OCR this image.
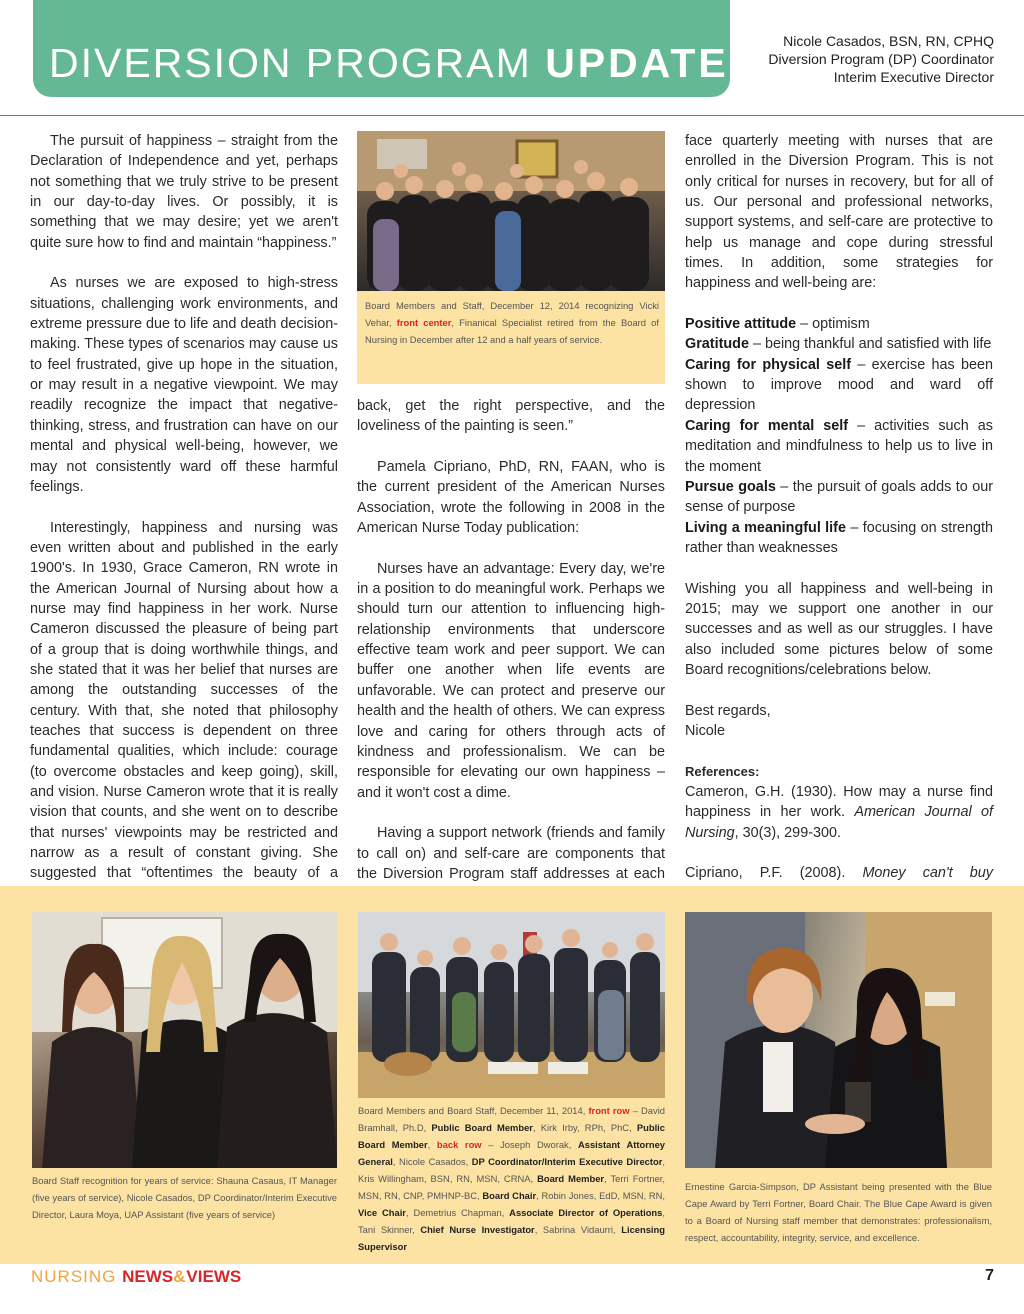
DIVERSION PROGRAM UPDATE	Nicole Casados, BSN, RN, CPHQ
Diversion Program (DP) Coordinator
Interim Executive Director

The pursuit of happiness – straight from the Declaration of Independence and yet, perhaps not something that we truly strive to be present in our day-to-day lives. Or possibly, it is something that we may desire; yet we aren't quite sure how to find and maintain “happiness.”

As nurses we are exposed to high-stress situations, challenging work environments, and extreme pressure due to life and death decision-making. These types of scenarios may cause us to feel frustrated, give up hope in the situation, or may result in a negative viewpoint. We may readily recognize the impact that negative-thinking, stress, and frustration can have on our mental and physical well-being, however, we may not consistently ward off these harmful feelings.

Interestingly, happiness and nursing was even written about and published in the early 1900's. In 1930, Grace Cameron, RN wrote in the American Journal of Nursing about how a nurse may find happiness in her work. Nurse Cameron discussed the pleasure of being part of a group that is doing worthwhile things, and she stated that it was her belief that nurses are among the outstanding successes of the century. With that, she noted that philosophy teaches that success is dependent on three fundamental qualities, which include: courage (to overcome obstacles and keep going), skill, and vision. Nurse Cameron wrote that it is really vision that counts, and she went on to describe that nurses' viewpoints may be restricted and narrow as a result of constant giving. She suggested that “oftentimes the beauty of a

Board Members and Staff, December 12, 2014 recognizing Vicki Vehar, front center, Finanical Specialist retired from the Board of Nursing in December after 12 and a half years of service.

back, get the right perspective, and the loveliness of the painting is seen.”

Pamela Cipriano, PhD, RN, FAAN, who is the current president of the American Nurses Association, wrote the following in 2008 in the American Nurse Today publication:

Nurses have an advantage: Every day, we're in a position to do meaningful work. Perhaps we should turn our attention to influencing high-relationship environments that underscore effective team work and peer support. We can buffer one another when life events are unfavorable. We can protect and preserve our health and the health of others. We can express love and caring for others through acts of kindness and professionalism. We can be responsible for elevating our own happiness – and it won't cost a dime.

Having a support network (friends and family to call on) and self-care are components that the Diversion Program staff addresses at each

face quarterly meeting with nurses that are enrolled in the Diversion Program. This is not only critical for nurses in recovery, but for all of us. Our personal and professional networks, support systems, and self-care are protective to help us manage and cope during stressful times. In addition, some strategies for happiness and well-being are:

Positive attitude – optimism
Gratitude – being thankful and satisfied with life
Caring for physical self – exercise has been shown to improve mood and ward off depression
Caring for mental self – activities such as meditation and mindfulness to help us to live in the moment
Pursue goals – the pursuit of goals adds to our sense of purpose
Living a meaningful life – focusing on strength rather than weaknesses

Wishing you all happiness and well-being in 2015; may we support one another in our successes and as well as our struggles. I have also included some pictures below of some Board recognitions/celebrations below.

Best regards,
Nicole
References:

Cameron, G.H. (1930). How may a nurse find happiness in her work. American Journal of Nursing, 30(3), 299-300.

Cipriano, P.F. (2008). Money can't buy

Board Staff recognition for years of service: Shauna Casaus, IT Manager (five years of service), Nicole Casados, DP Coordinator/Interim Executive Director, Laura Moya, UAP Assistant (five years of service)
Board Members and Board Staff, December 11, 2014, front row – David Bramhall, Ph.D, Public Board Member, Kirk Irby, RPh, PhC, Public Board Member, back row – Joseph Dworak, Assistant Attorney General, Nicole Casados, DP Coordinator/Interim Executive Director, Kris Willingham, BSN, RN, MSN, CRNA, Board Member, Terri Fortner, MSN, RN, CNP, PMHNP-BC, Board Chair, Robin Jones, EdD, MSN, RN, Vice Chair, Demetrius Chapman, Associate Director of Operations, Tani Skinner, Chief Nurse Investigator, Sabrina Vidaurri, Licensing Supervisor
Ernestine Garcia-Simpson, DP Assistant being presented with the Blue Cape Award by Terri Fortner, Board Chair. The Blue Cape Award is given to a Board of Nursing staff member that demonstrates: professionalism, respect, accountability, integrity, service, and excellence.
NURSING NEWS&VIEWS	7
